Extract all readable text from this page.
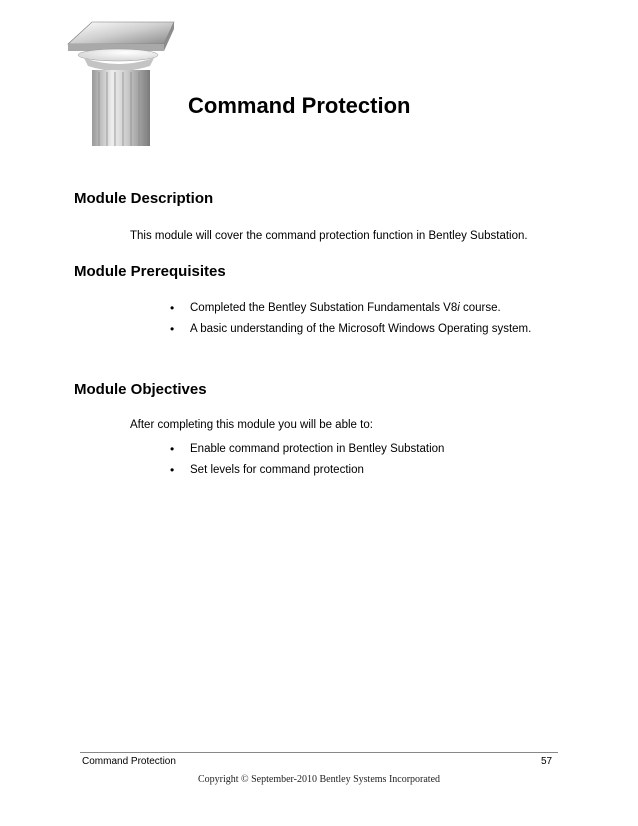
Command Protection
Module Description
This module will cover the command protection function in Bentley Substation.
Module Prerequisites
• Completed the Bentley Substation Fundamentals V8i course.
• A basic understanding of the Microsoft Windows Operating system.
Module Objectives
After completing this module you will be able to:
• Enable command protection in Bentley Substation
• Set levels for command protection
Command Protection	57
Copyright © September-2010 Bentley Systems Incorporated
